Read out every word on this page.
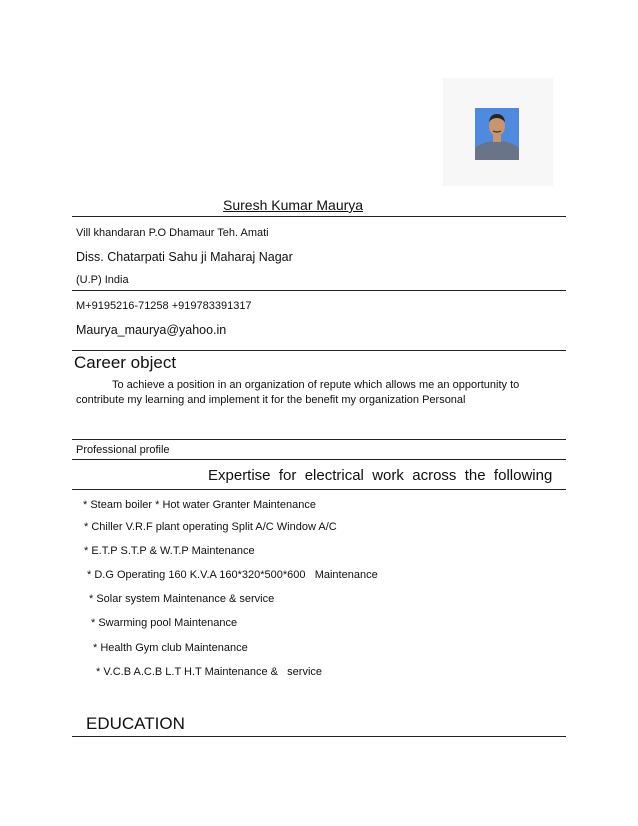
Suresh Kumar Maurya
Vill khandaran P.O Dhamaur Teh. Amati
Diss. Chatarpati Sahu ji Maharaj Nagar
(U.P) India
M+9195216-71258 +919783391317
Maurya_maurya@yahoo.in
Career object
To achieve a position in an organization of repute which allows me an opportunity to
contribute my learning and implement it for the benefit my organization Personal
Professional profile
Expertise  for  electrical  work  across  the  following
* Steam boiler * Hot water Granter Maintenance
* Chiller V.R.F plant operating Split A/C Window A/C
* E.T.P S.T.P & W.T.P Maintenance
* D.G Operating 160 K.V.A 160*320*500*600   Maintenance
* Solar system Maintenance & service
* Swarming pool Maintenance
* Health Gym club Maintenance
* V.C.B A.C.B L.T H.T Maintenance &   service
EDUCATION
